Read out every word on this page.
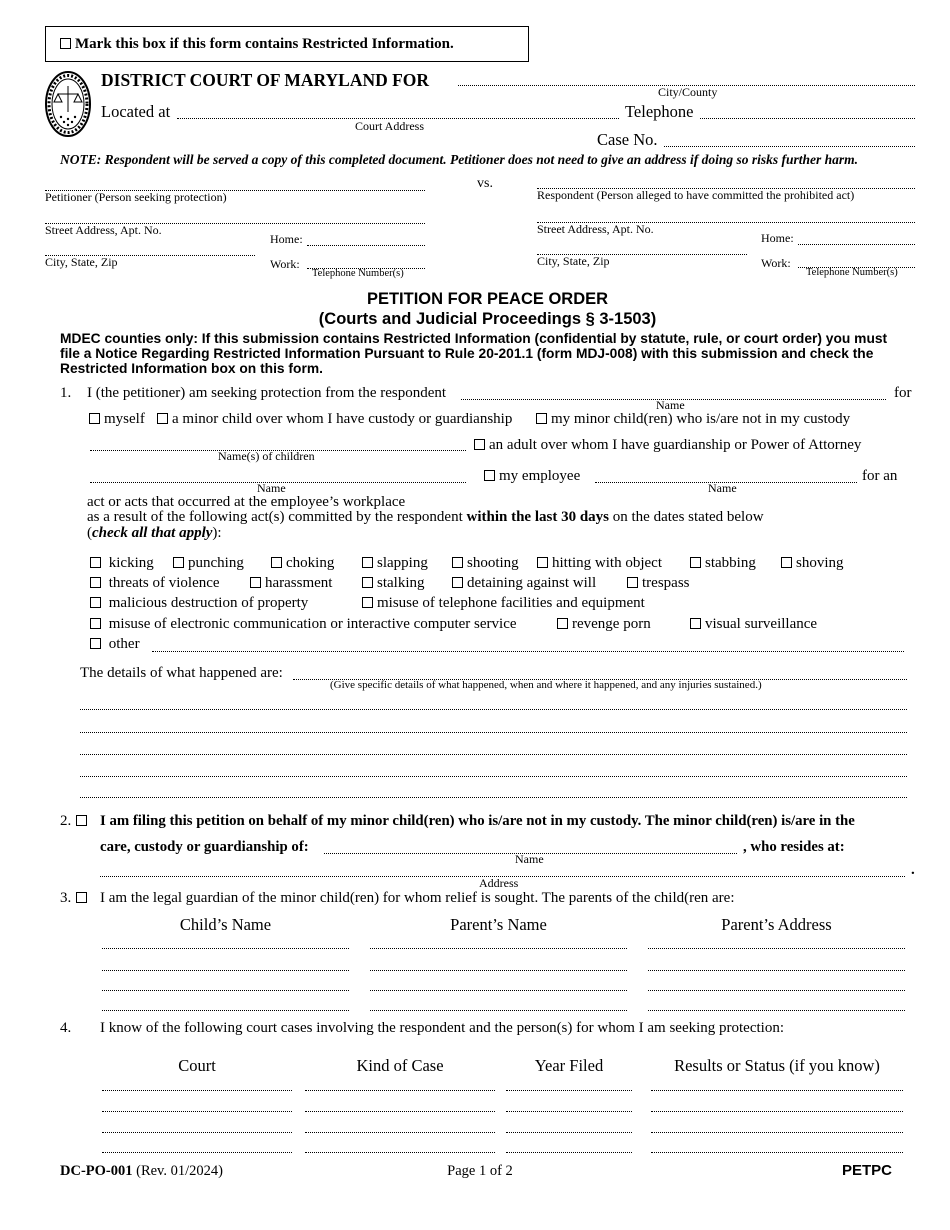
Mark this box if this form contains Restricted Information.
DISTRICT COURT OF MARYLAND FOR
City/County
Located at
Court Address
Telephone
Case No.
NOTE: Respondent will be served a copy of this completed document. Petitioner does not need to give an address if doing so risks further harm.
Petitioner (Person seeking protection)
vs.
Respondent (Person alleged to have committed the prohibited act)
Street Address, Apt. No.	Street Address, Apt. No.
Home:	Home:
City, State, Zip	City, State, Zip
Work:
Telephone Number(s)
Work:
Telephone Number(s)
PETITION FOR PEACE ORDER
(Courts and Judicial Proceedings § 3-1503)
MDEC counties only: If this submission contains Restricted Information (confidential by statute, rule, or court order) you must file a Notice Regarding Restricted Information Pursuant to Rule 20-201.1 (form MDJ-008) with this submission and check the Restricted Information box on this form.
1. I (the petitioner) am seeking protection from the respondent
Name
for
myself	a minor child over whom I have custody or guardianship	my minor child(ren) who is/are not in my custody
Name(s) of children
an adult over whom I have guardianship or Power of Attorney
Name
my employee
Name
for an
act or acts that occurred at the employee’s workplace
as a result of the following act(s) committed by the respondent within the last 30 days on the dates stated below
(check all that apply):
kicking	punching	choking	slapping	shooting	hitting with object	stabbing	shoving
threats of violence	harassment	stalking	detaining against will	trespass
malicious destruction of property	misuse of telephone facilities and equipment
misuse of electronic communication or interactive computer service	revenge porn	visual surveillance
other
The details of what happened are:
(Give specific details of what happened, when and where it happened, and any injuries sustained.)
2. I am filing this petition on behalf of my minor child(ren) who is/are not in my custody. The minor child(ren) is/are in the
care, custody or guardianship of:
Name
, who resides at:
Address
.
3. I am the legal guardian of the minor child(ren) for whom relief is sought. The parents of the child(ren are:
Child’s Name	Parent’s Name	Parent’s Address
4. I know of the following court cases involving the respondent and the person(s) for whom I am seeking protection:
Court	Kind of Case	Year Filed	Results or Status (if you know)
DC-PO-001 (Rev. 01/2024)	Page 1 of 2	PETPC
